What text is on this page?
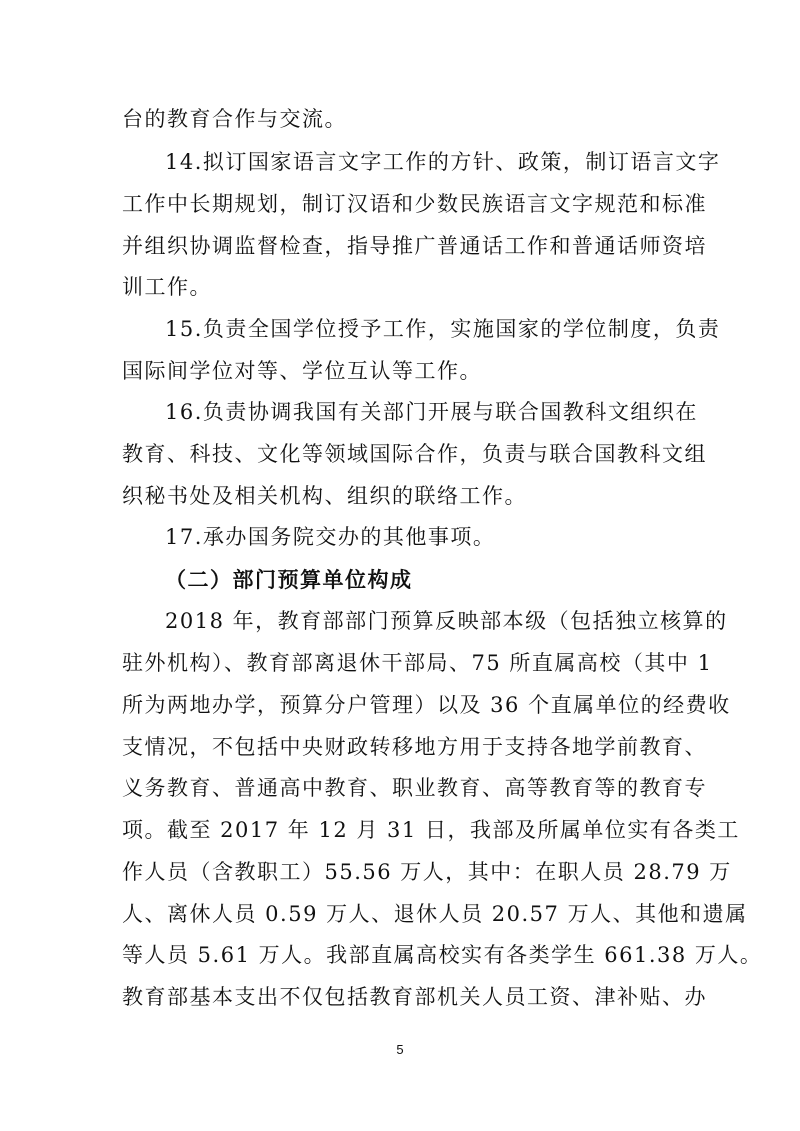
台的教育合作与交流。
14.拟订国家语言文字工作的方针、政策，制订语言文字
工作中长期规划，制订汉语和少数民族语言文字规范和标准
并组织协调监督检查，指导推广普通话工作和普通话师资培
训工作。
15.负责全国学位授予工作，实施国家的学位制度，负责
国际间学位对等、学位互认等工作。
16.负责协调我国有关部门开展与联合国教科文组织在
教育、科技、文化等领域国际合作，负责与联合国教科文组
织秘书处及相关机构、组织的联络工作。
17.承办国务院交办的其他事项。
（二）部门预算单位构成
2018 年，教育部部门预算反映部本级（包括独立核算的
驻外机构）、教育部离退休干部局、75 所直属高校（其中 1
所为两地办学，预算分户管理）以及 36 个直属单位的经费收
支情况，不包括中央财政转移地方用于支持各地学前教育、
义务教育、普通高中教育、职业教育、高等教育等的教育专
项。截至 2017 年 12 月 31 日，我部及所属单位实有各类工
作人员（含教职工）55.56 万人，其中：在职人员 28.79 万
人、离休人员 0.59 万人、退休人员 20.57 万人、其他和遗属
等人员 5.61 万人。我部直属高校实有各类学生 661.38 万人。
教育部基本支出不仅包括教育部机关人员工资、津补贴、办
5
